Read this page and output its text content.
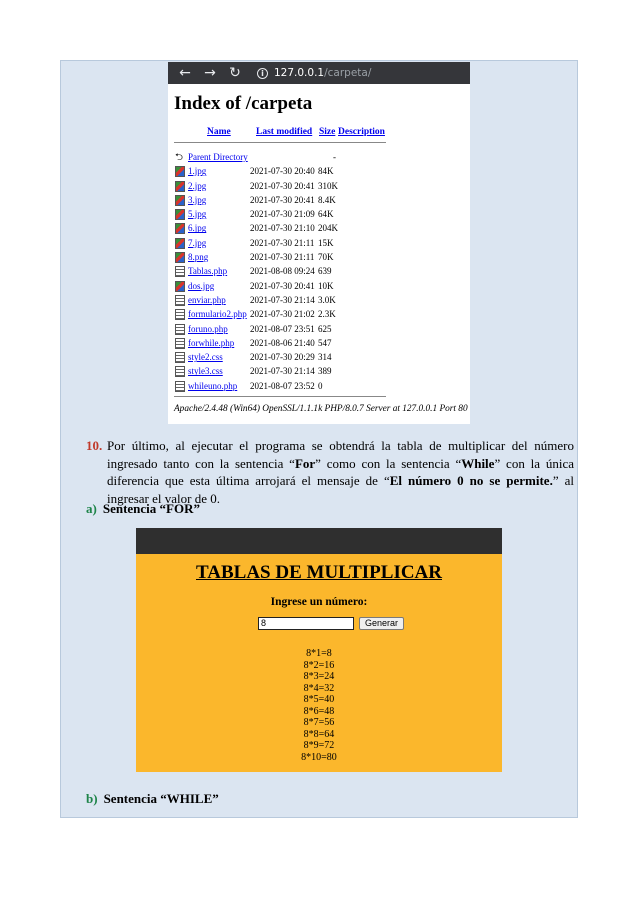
← → ↻	i 127.0.0.1/carpeta/
Index of /carpeta
Name	Last modified Size Description
⮌ Parent Directory	-
1.jpg	2021-07-30 20:40 84K
2.jpg	2021-07-30 20:41 310K
3.jpg	2021-07-30 20:41 8.4K
5.jpg	2021-07-30 21:09 64K
6.jpg	2021-07-30 21:10 204K
7.jpg	2021-07-30 21:11 15K
8.png	2021-07-30 21:11 70K
Tablas.php	2021-08-08 09:24 639
dos.jpg	2021-07-30 20:41 10K
enviar.php	2021-07-30 21:14 3.0K
formulario2.php 2021-07-30 21:02 2.3K
foruno.php 2021-08-07 23:51 625
forwhile.php 2021-08-06 21:40 547
style2.css	2021-07-30 20:29 314
style3.css	2021-07-30 21:14 389
whileuno.php 2021-08-07 23:52 0
Apache/2.4.48 (Win64) OpenSSL/1.1.1k PHP/8.0.7 Server at 127.0.0.1 Port 80
10. Por último, al ejecutar el programa se obtendrá la tabla de multiplicar del número ingresado tanto con la sentencia “For” como con la sentencia “While” con la única diferencia que esta última arrojará el mensaje de “El número 0 no se permite.” al ingresar el valor de 0.
a) Sentencia “FOR”
TABLAS DE MULTIPLICAR
Ingrese un número:
8	Generar
8*1=8
8*2=16
8*3=24
8*4=32
8*5=40
8*6=48
8*7=56
8*8=64
8*9=72
8*10=80
b) Sentencia “WHILE”
